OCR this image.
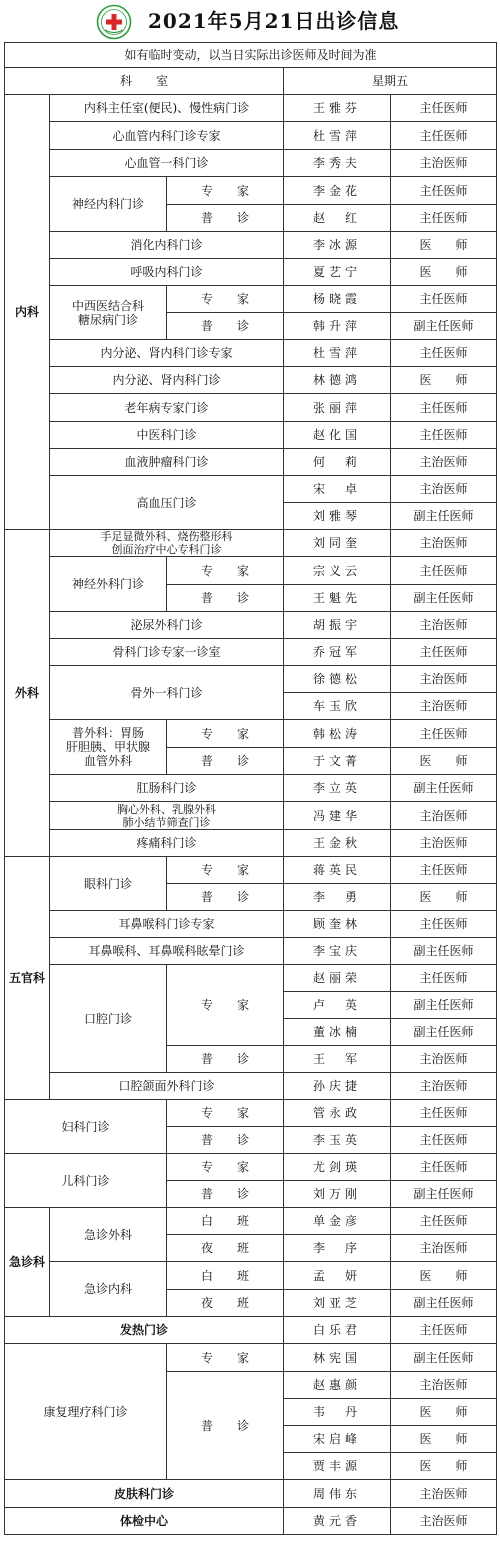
2021年5月21日出诊信息
如有临时变动，以当日实际出诊医师及时间为准				
科　　室			星期五	
内科	内科主任室(便民)、慢性病门诊		王雅芬	主任医师
	心血管内科门诊专家		杜雪萍	主任医师
	心血管一科门诊		李秀夫	主治医师
	神经内科门诊	专　　家	李金花	主任医师
		普　　诊	赵　红	主任医师
	消化内科门诊		李冰源	医　　师
	呼吸内科门诊		夏艺宁	医　　师
	中西医结合科
糖尿病门诊	专　　家	杨晓霞	主任医师
		普　　诊	韩升萍	副主任医师
	内分泌、肾内科门诊专家		杜雪萍	主任医师
	内分泌、肾内科门诊		林德鸿	医　　师
	老年病专家门诊		张丽萍	主任医师
	中医科门诊		赵化国	主任医师
	血液肿瘤科门诊		何　莉	主治医师
	高血压门诊		宋　卓	主治医师
			刘雅琴	副主任医师
外科	手足显微外科、烧伤整形科
创面治疗中心专科门诊		刘同奎	主治医师
	神经外科门诊	专　　家	宗义云	主任医师
		普　　诊	王魁先	副主任医师
	泌尿外科门诊		胡振宇	主治医师
	骨科门诊专家一诊室		乔冠军	主任医师
	骨外一科门诊		徐德松	主治医师
			车玉欣	主治医师
	普外科：胃肠
肝胆胰、甲状腺
血管外科	专　　家	韩松涛	主任医师
		普　　诊	于文菁	医　　师
	肛肠科门诊		李立英	副主任医师
	胸心外科、乳腺外科
肺小结节筛查门诊		冯建华	主治医师
	疼痛科门诊		王金秋	主治医师
五官科	眼科门诊	专　　家	蒋英民	主任医师
		普　　诊	李　勇	医　　师
	耳鼻喉科门诊专家		顾奎林	主任医师
	耳鼻喉科、耳鼻喉科眩晕门诊		李宝庆	副主任医师
	口腔门诊	专　　家	赵丽荣	主任医师
			卢　英	副主任医师
			董冰楠	副主任医师
		普　　诊	王　军	主治医师
	口腔颌面外科门诊		孙庆捷	主治医师
妇科门诊		专　　家	管永政	主任医师
		普　　诊	李玉英	主任医师
儿科门诊		专　　家	尤剑瑛	主任医师
		普　　诊	刘万刚	副主任医师
急诊科	急诊外科	白　　班	单金彦	主任医师
		夜　　班	李　序	主治医师
	急诊内科	白　　班	孟　妍	医　　师
		夜　　班	刘亚芝	副主任医师
发热门诊			白乐君	主任医师
康复理疗科门诊		专　　家	林宪国	副主任医师
		普　　诊	赵惠颜	主治医师
			韦　丹	医　　师
			宋启峰	医　　师
			贾丰源	医　　师
皮肤科门诊			周伟东	主治医师
体检中心			黄元香	主治医师
